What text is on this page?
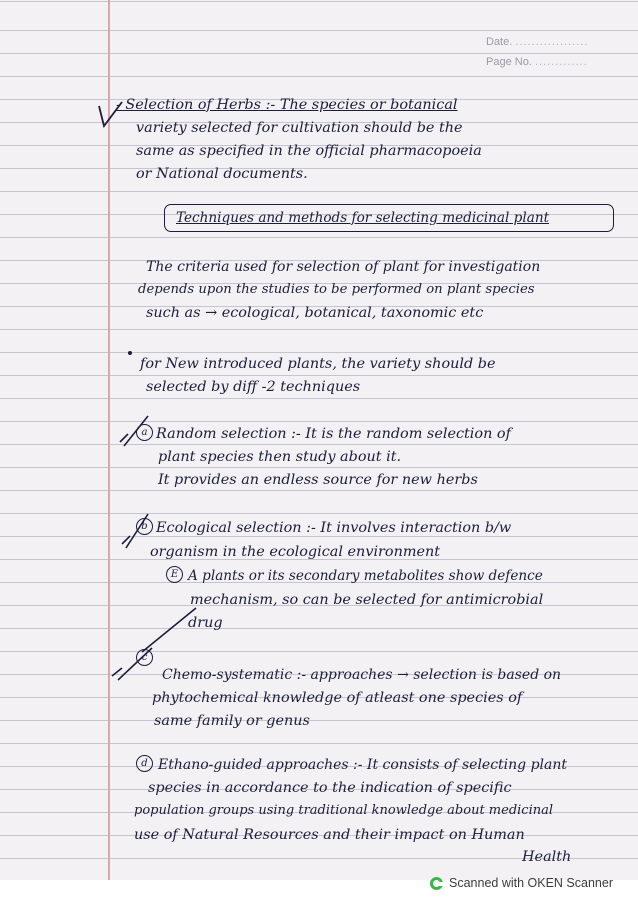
Date. ..................
Page No. .............
- Selection of Herbs :- The species or botanical
variety selected for cultivation should be the
same as specified in the official pharmacopoeia
or National documents.
Techniques and methods for selecting medicinal plant
The criteria used for selection of plant for investigation
depends upon the studies to be performed on plant species
such as → ecological, botanical, taxonomic etc
for New introduced plants, the variety should be
selected by diff -2 techniques
a Random selection :- It is the random selection of
plant species then study about it.
It provides an endless source for new herbs
b Ecological selection :- It involves interaction b/w
organism in the ecological environment
E A plants or its secondary metabolites show defence
mechanism, so can be selected for antimicrobial
drug
c
Chemo-systematic :- approaches → selection is based on
phytochemical knowledge of atleast one species of
same family or genus
d Ethano-guided approaches :- It consists of selecting plant
species in accordance to the indication of specific
population groups using traditional knowledge about medicinal
use of Natural Resources and their impact on Human
Health
Scanned with OKEN Scanner
